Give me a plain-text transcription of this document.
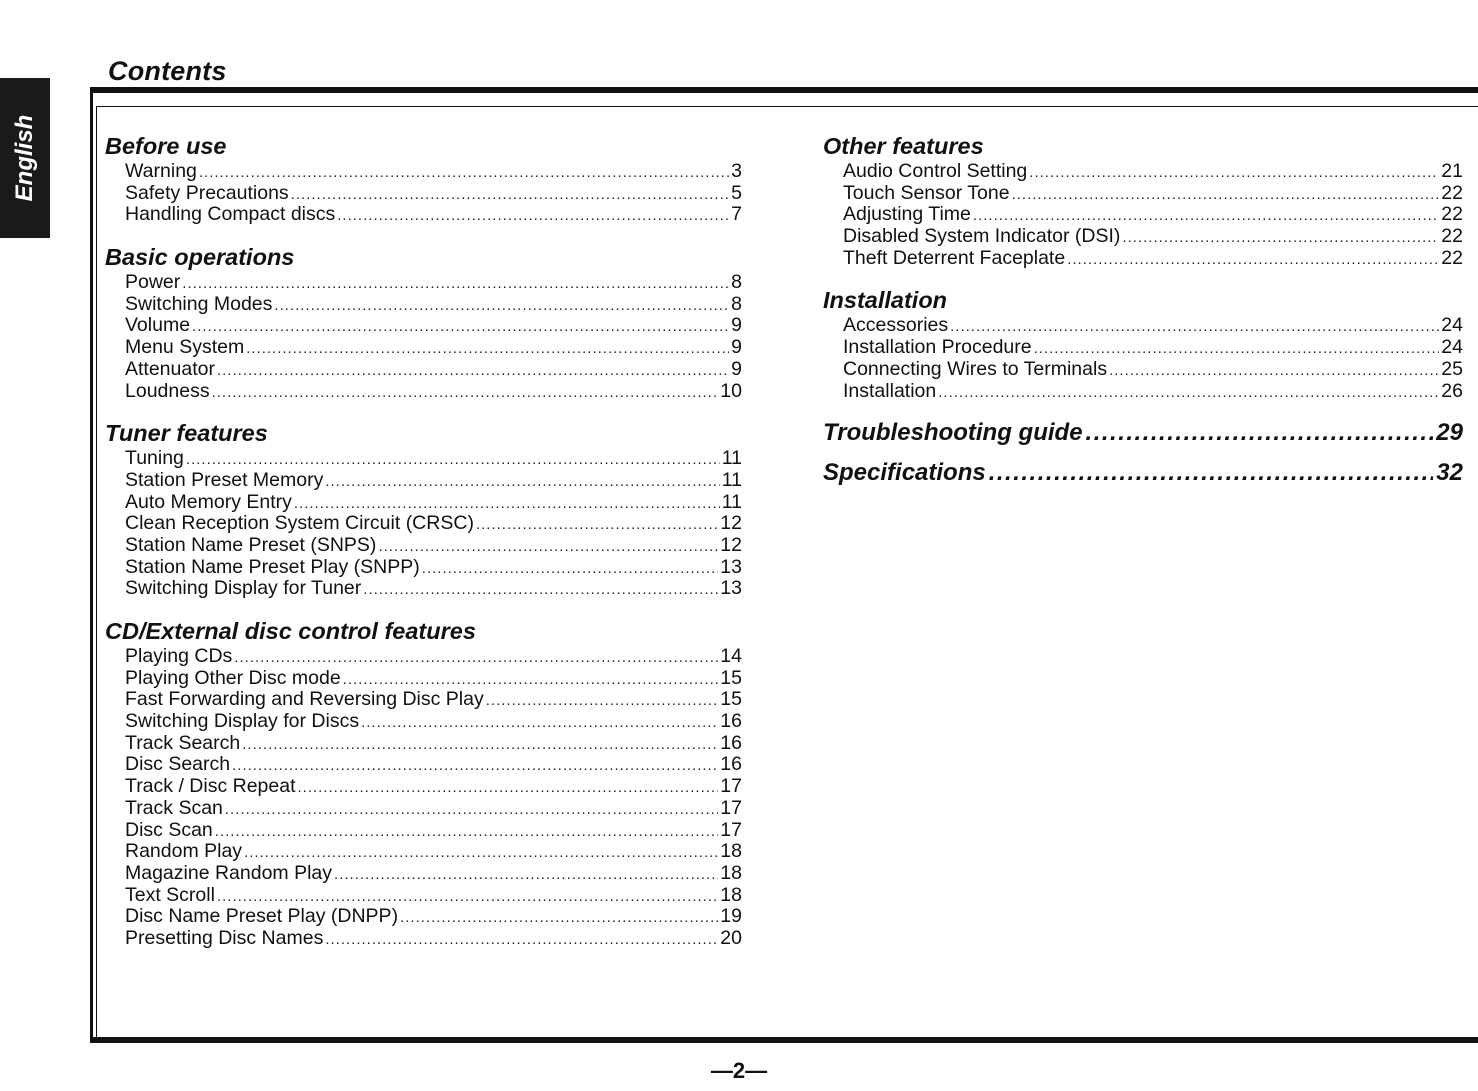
English
Contents
Before use
Warning .....	3
Safety Precautions .....	5
Handling Compact discs .....	7
Basic operations
Power .....	8
Switching Modes .....	8
Volume .....	9
Menu System .....	9
Attenuator .....	9
Loudness .....	10
Tuner features
Tuning .....	11
Station Preset Memory .....	11
Auto Memory Entry .....	11
Clean Reception System Circuit (CRSC) .....	12
Station Name Preset (SNPS) .....	12
Station Name Preset Play (SNPP) .....	13
Switching Display for Tuner .....	13
CD/External disc control features
Playing CDs .....	14
Playing Other Disc mode .....	15
Fast Forwarding and Reversing Disc Play .....	15
Switching Display for Discs .....	16
Track Search .....	16
Disc Search .....	16
Track / Disc Repeat .....	17
Track Scan .....	17
Disc Scan .....	17
Random Play .....	18
Magazine Random Play .....	18
Text Scroll .....	18
Disc Name Preset Play (DNPP) .....	19
Presetting Disc Names .....	20
Other features
Audio Control Setting .....	21
Touch Sensor Tone .....	22
Adjusting Time .....	22
Disabled System Indicator (DSI) .....	22
Theft Deterrent Faceplate .....	22
Installation
Accessories .....	24
Installation Procedure .....	24
Connecting Wires to Terminals .....	25
Installation .....	26
Troubleshooting guide .....	29
Specifications .....	32
—2—
